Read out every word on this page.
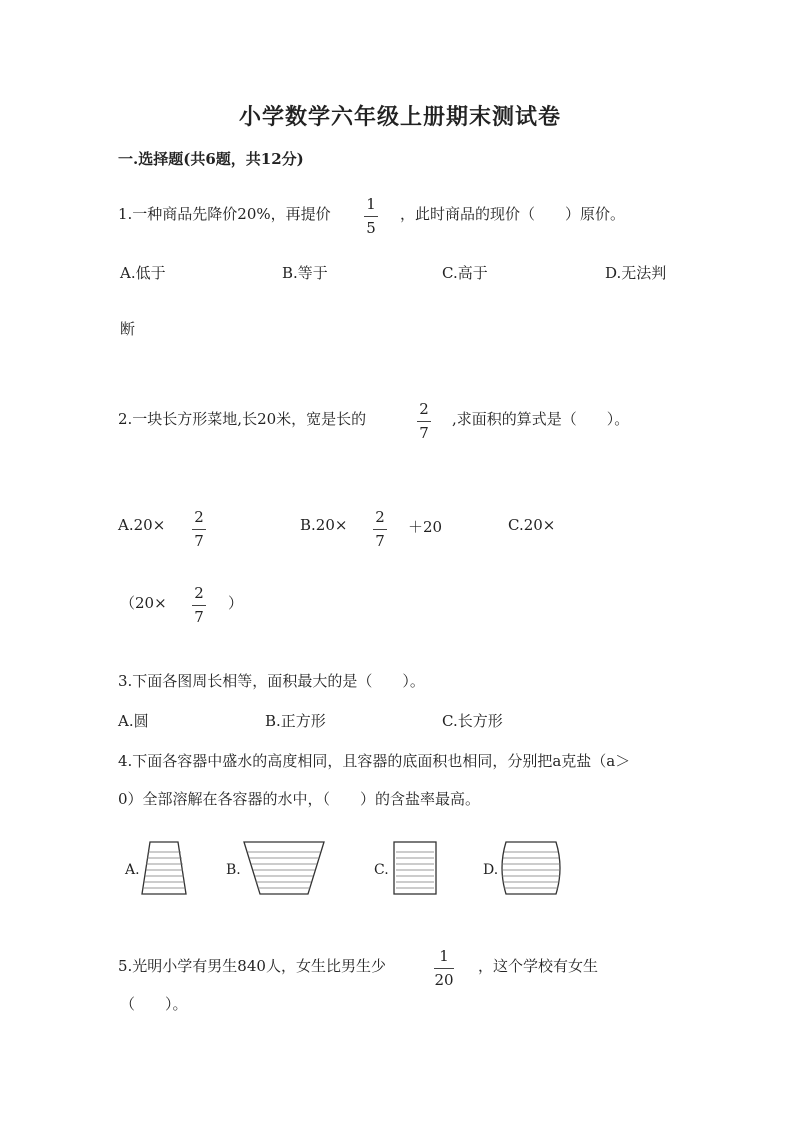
小学数学六年级上册期末测试卷
一.选择题(共6题，共12分)
1.一种商品先降价20%，再提价
1
5
，此时商品的现价（　　）原价。
A.低于	B.等于	C.高于	D.无法判
断
2.一块长方形菜地,长20米，宽是长的
2
7
,求面积的算式是（　　）。
A.20× 2
7
B.20× 2
7
＋20	C.20×
（20×
2
7
）
3.下面各图周长相等，面积最大的是（　　）。
A.圆	B.正方形	C.长方形
4.下面各容器中盛水的高度相同，且容器的底面积也相同，分别把a克盐（a＞
0）全部溶解在各容器的水中，（　　）的含盐率最高。
A.	B.	C.	D.
5.光明小学有男生840人，女生比男生少
1
20
，这个学校有女生
（　　）。
